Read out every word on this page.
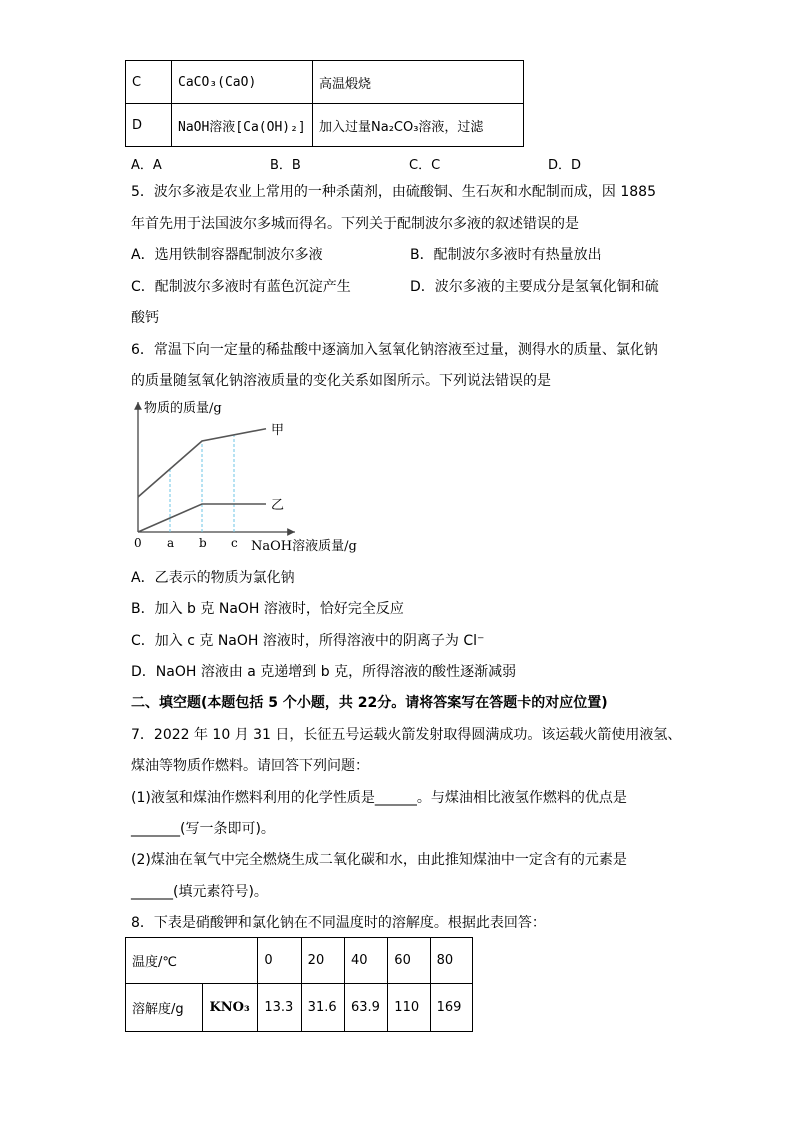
C	CaCO₃(CaO)	高温煅烧
D	NaOH溶液[Ca(OH)₂]	加入过量Na₂CO₃溶液，过滤
A．A	B．B	C．C	D．D
5．波尔多液是农业上常用的一种杀菌剂，由硫酸铜、生石灰和水配制而成，因 1885
年首先用于法国波尔多城而得名。下列关于配制波尔多液的叙述错误的是
A．选用铁制容器配制波尔多液	B．配制波尔多液时有热量放出
C．配制波尔多液时有蓝色沉淀产生	D．波尔多液的主要成分是氢氧化铜和硫
酸钙
6．常温下向一定量的稀盐酸中逐滴加入氢氧化钠溶液至过量，测得水的质量、氯化钠
的质量随氢氧化钠溶液质量的变化关系如图所示。下列说法错误的是
物质的质量/g
NaOH溶液质量/g
0 a b c
甲
乙
A．乙表示的物质为氯化钠
B．加入 b 克 NaOH 溶液时，恰好完全反应
C．加入 c 克 NaOH 溶液时，所得溶液中的阴离子为 Cl⁻
D．NaOH 溶液由 a 克递增到 b 克，所得溶液的酸性逐渐减弱
二、填空题(本题包括 5 个小题，共 22分。请将答案写在答题卡的对应位置)
7．2022 年 10 月 31 日，长征五号运载火箭发射取得圆满成功。该运载火箭使用液氢、
煤油等物质作燃料。请回答下列问题：
(1)液氢和煤油作燃料利用的化学性质是______。与煤油相比液氢作燃料的优点是
_______(写一条即可)。
(2)煤油在氧气中完全燃烧生成二氧化碳和水，由此推知煤油中一定含有的元素是
______(填元素符号)。
8．下表是硝酸钾和氯化钠在不同温度时的溶解度。根据此表回答：
温度/℃		0	20	40	60	80
溶解度/g	KNO₃	13.3	31.6	63.9	110	169
